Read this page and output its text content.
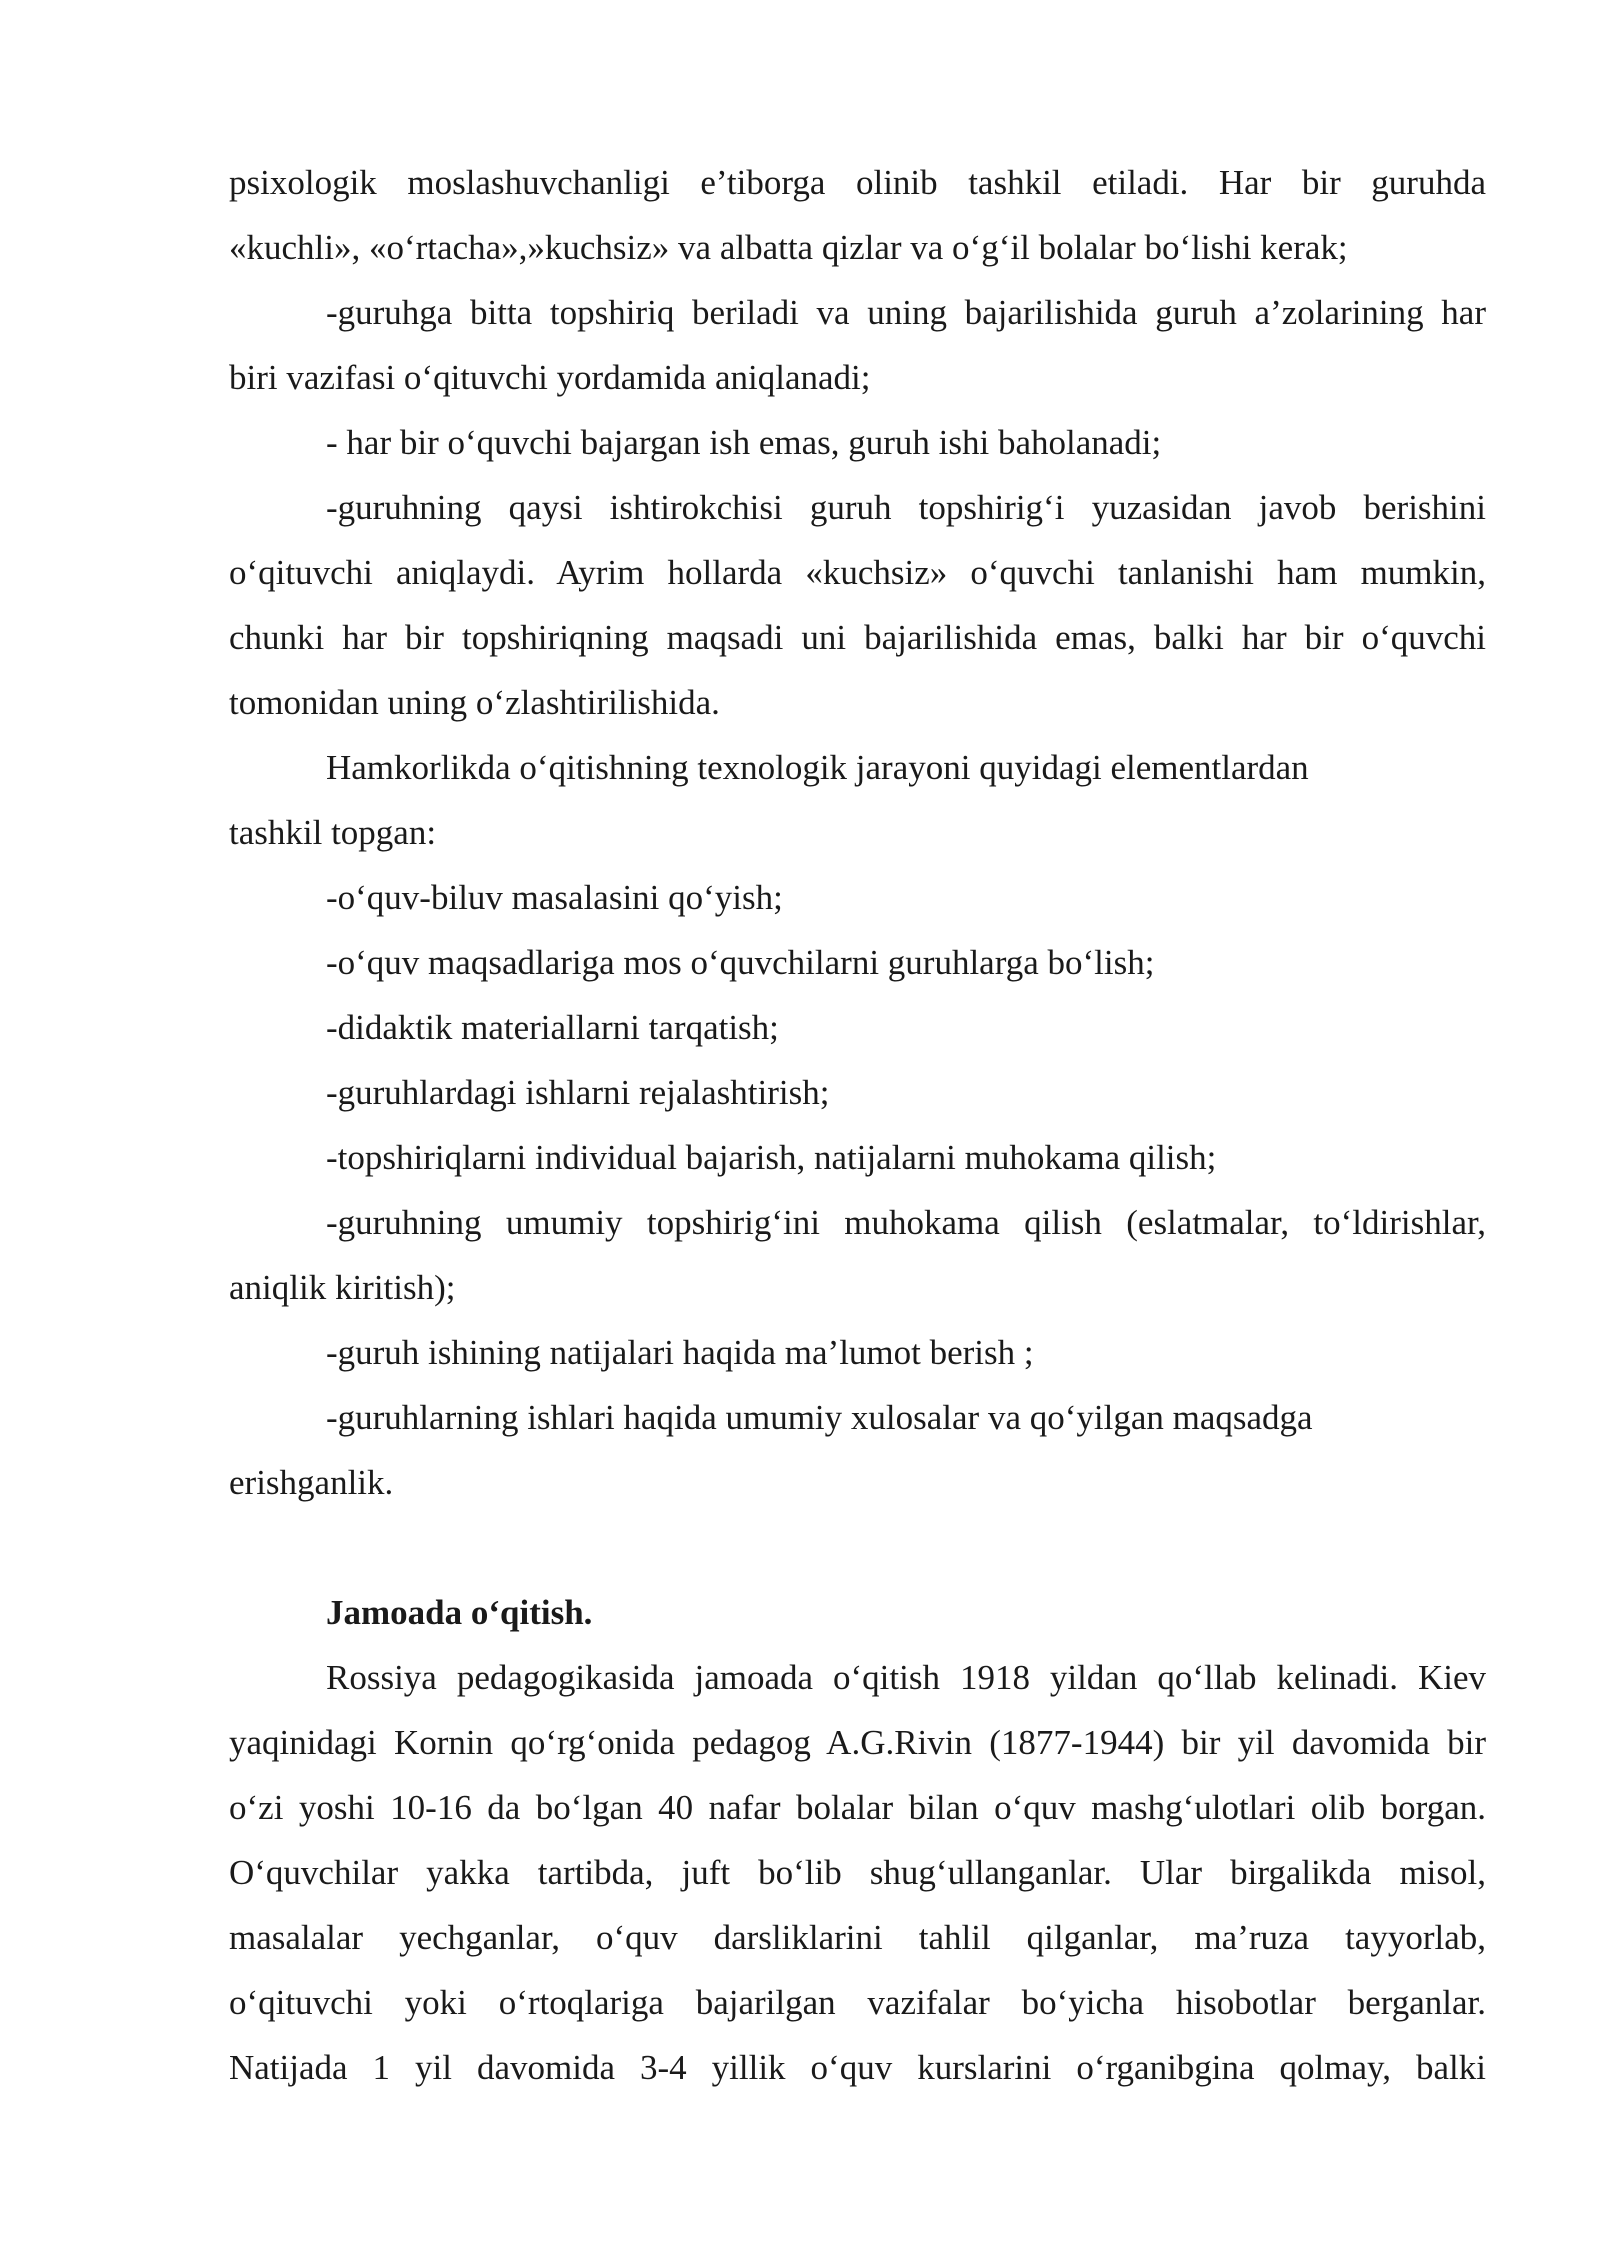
psixologik moslashuvchanligi e’tiborga olinib tashkil etiladi. Har bir guruhda
«kuchli», «o‘rtacha»,»kuchsiz» va albatta qizlar va o‘g‘il bolalar bo‘lishi kerak;
-guruhga bitta topshiriq beriladi va uning bajarilishida guruh a’zolarining har
biri vazifasi o‘qituvchi yordamida aniqlanadi;
- har bir o‘quvchi bajargan ish emas, guruh ishi baholanadi;
-guruhning qaysi ishtirokchisi guruh topshirig‘i yuzasidan javob berishini
o‘qituvchi aniqlaydi. Ayrim hollarda «kuchsiz» o‘quvchi tanlanishi ham mumkin,
chunki har bir topshiriqning maqsadi uni bajarilishida emas, balki har bir o‘quvchi
tomonidan uning o‘zlashtirilishida.
Hamkorlikda o‘qitishning texnologik jarayoni quyidagi elementlardan
tashkil topgan:
-o‘quv-biluv masalasini qo‘yish;
-o‘quv maqsadlariga mos o‘quvchilarni guruhlarga bo‘lish;
-didaktik materiallarni tarqatish;
-guruhlardagi ishlarni rejalashtirish;
-topshiriqlarni individual bajarish, natijalarni muhokama qilish;
-guruhning umumiy topshirig‘ini muhokama qilish (eslatmalar, to‘ldirishlar,
aniqlik kiritish);
-guruh ishining natijalari haqida ma’lumot berish ;
-guruhlarning ishlari haqida umumiy xulosalar va qo‘yilgan maqsadga
erishganlik.
Jamoada o‘qitish.
Rossiya pedagogikasida jamoada o‘qitish 1918 yildan qo‘llab kelinadi. Kiev
yaqinidagi Kornin qo‘rg‘onida pedagog A.G.Rivin (1877-1944) bir yil davomida bir
o‘zi yoshi 10-16 da bo‘lgan 40 nafar bolalar bilan o‘quv mashg‘ulotlari olib borgan.
O‘quvchilar yakka tartibda, juft bo‘lib shug‘ullanganlar. Ular birgalikda misol,
masalalar yechganlar, o‘quv darsliklarini tahlil qilganlar, ma’ruza tayyorlab,
o‘qituvchi yoki o‘rtoqlariga bajarilgan vazifalar bo‘yicha hisobotlar berganlar.
Natijada 1 yil davomida 3-4 yillik o‘quv kurslarini o‘rganibgina qolmay, balki
